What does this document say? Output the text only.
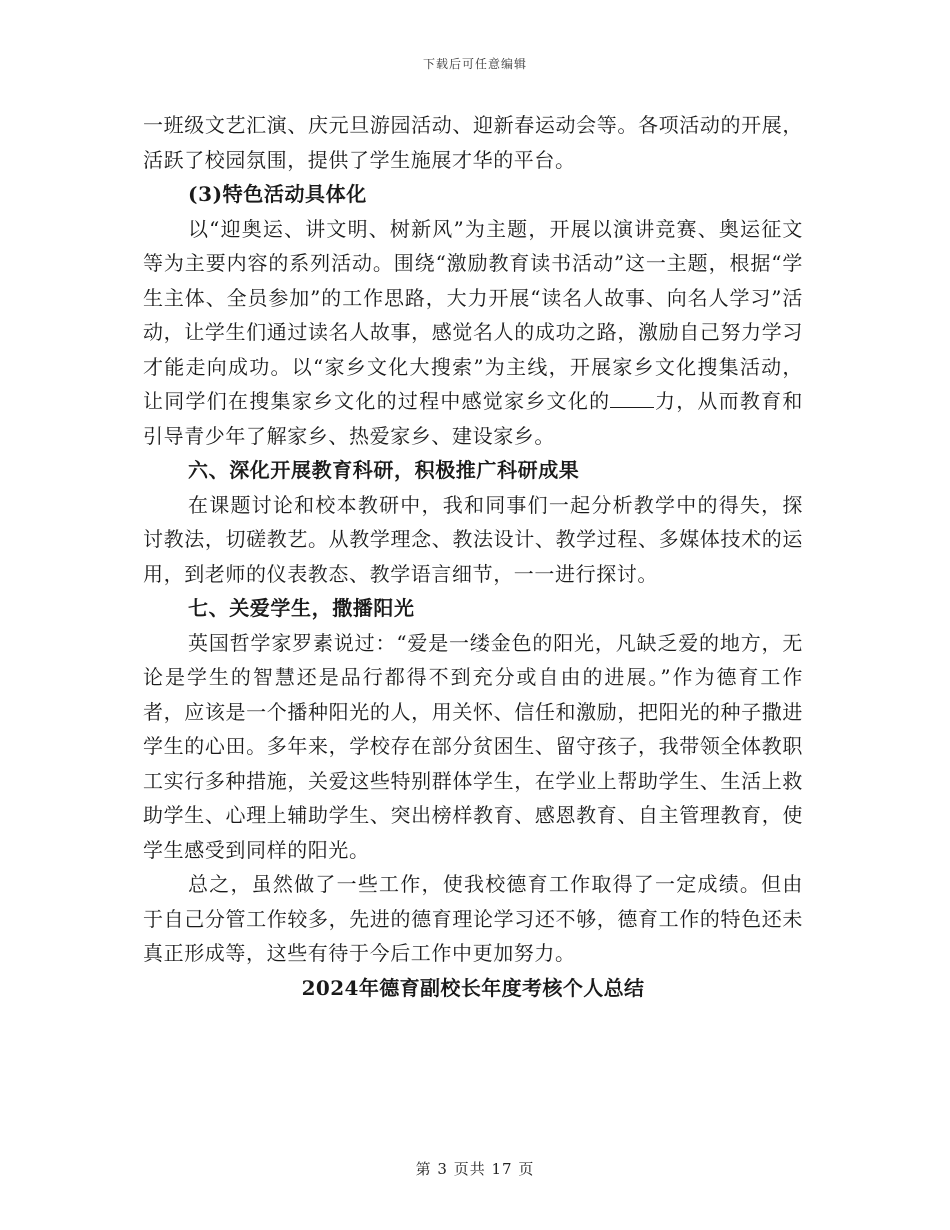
下载后可任意编辑

一班级文艺汇演、庆元旦游园活动、迎新春运动会等。各项活动的开展，活跃了校园氛围，提供了学生施展才华的平台。

(3)特色活动具体化

以“迎奥运、讲文明、树新风”为主题，开展以演讲竞赛、奥运征文等为主要内容的系列活动。围绕“激励教育读书活动”这一主题，根据“学生主体、全员参加”的工作思路，大力开展“读名人故事、向名人学习”活动，让学生们通过读名人故事，感觉名人的成功之路，激励自己努力学习才能走向成功。以“家乡文化大搜索”为主线，开展家乡文化搜集活动，让同学们在搜集家乡文化的过程中感觉家乡文化的 力，从而教育和引导青少年了解家乡、热爱家乡、建设家乡。

六、深化开展教育科研，积极推广科研成果

在课题讨论和校本教研中，我和同事们一起分析教学中的得失，探讨教法，切磋教艺。从教学理念、教法设计、教学过程、多媒体技术的运用，到老师的仪表教态、教学语言细节，一一进行探讨。

七、关爱学生，撒播阳光

英国哲学家罗素说过：“爱是一缕金色的阳光，凡缺乏爱的地方，无论是学生的智慧还是品行都得不到充分或自由的进展。”作为德育工作者，应该是一个播种阳光的人，用关怀、信任和激励，把阳光的种子撒进学生的心田。多年来，学校存在部分贫困生、留守孩子，我带领全体教职工实行多种措施，关爱这些特别群体学生，在学业上帮助学生、生活上救助学生、心理上辅助学生、突出榜样教育、感恩教育、自主管理教育，使学生感受到同样的阳光。

总之，虽然做了一些工作，使我校德育工作取得了一定成绩。但由于自己分管工作较多，先进的德育理论学习还不够，德育工作的特色还未真正形成等，这些有待于今后工作中更加努力。

2024年德育副校长年度考核个人总结

第 3 页共 17 页
